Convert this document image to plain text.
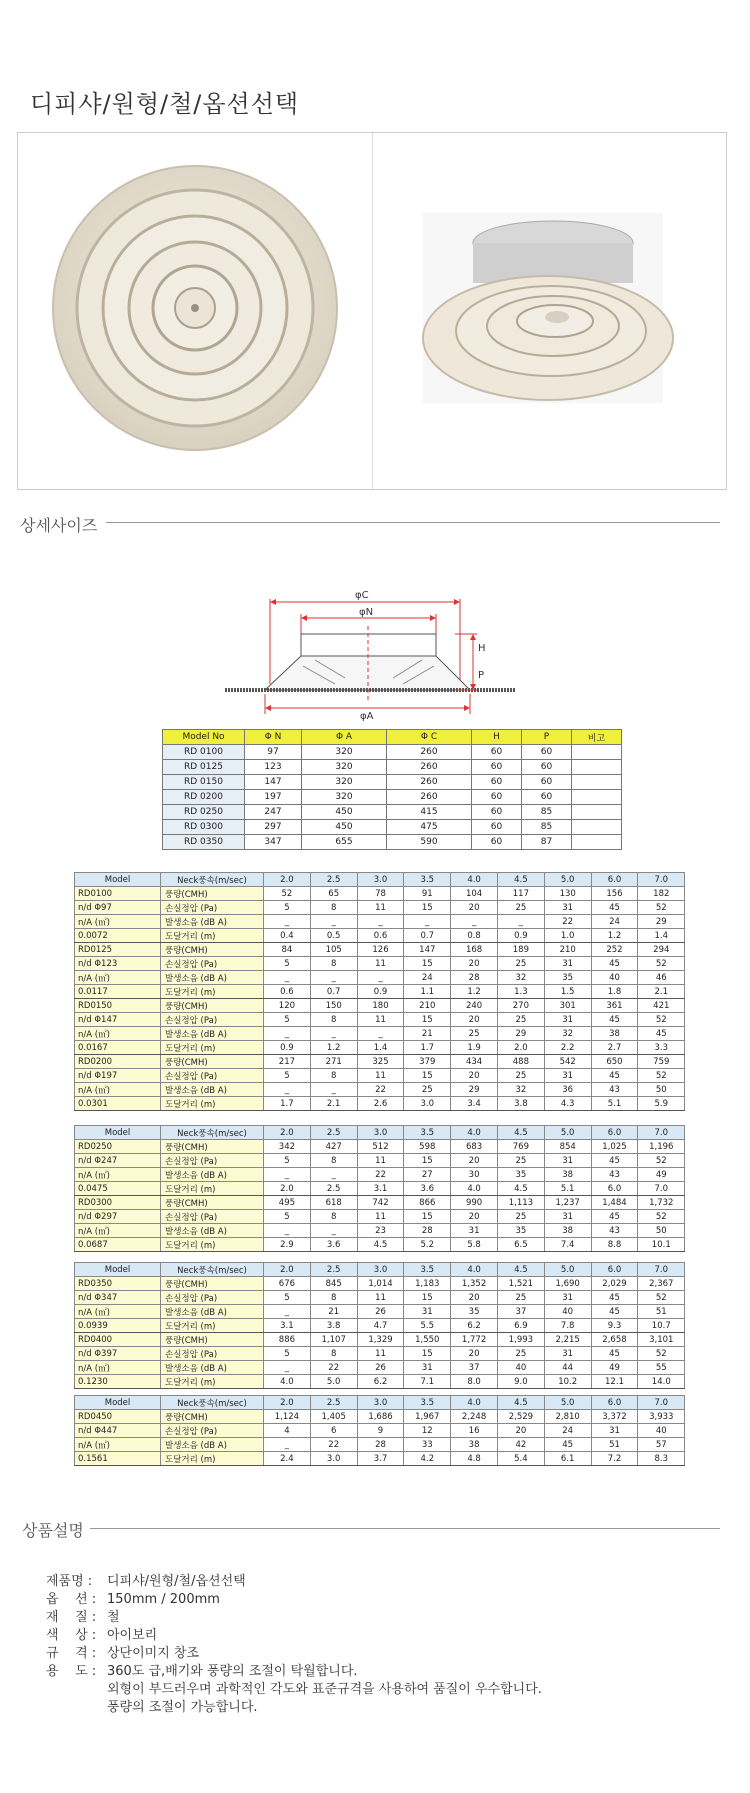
디피샤/원형/철/옵션선택
상세사이즈
φC
φN
H
P
φA
Model No	Φ N	Φ A	Φ C	H	P	비고
RD 0100	97	320	260	60	60	
RD 0125	123	320	260	60	60	
RD 0150	147	320	260	60	60	
RD 0200	197	320	260	60	60	
RD 0250	247	450	415	60	85	
RD 0300	297	450	475	60	85	
RD 0350	347	655	590	60	87	
Model	Neck풍속(m/sec)	2.0	2.5	3.0	3.5	4.0	4.5	5.0	6.0	7.0
RD0100	풍량(CMH)	52	65	78	91	104	117	130	156	182
n/d Φ97	손실정압 (Pa)	5	8	11	15	20	25	31	45	52
n/A (㎡)	발생소음 (dB A)	_	_	_	_	_	_	22	24	29
0.0072	도달거리 (m)	0.4	0.5	0.6	0.7	0.8	0.9	1.0	1.2	1.4
RD0125	풍량(CMH)	84	105	126	147	168	189	210	252	294
n/d Φ123	손실정압 (Pa)	5	8	11	15	20	25	31	45	52
n/A (㎡)	발생소음 (dB A)	_	_	_	24	28	32	35	40	46
0.0117	도달거리 (m)	0.6	0.7	0.9	1.1	1.2	1.3	1.5	1.8	2.1
RD0150	풍량(CMH)	120	150	180	210	240	270	301	361	421
n/d Φ147	손실정압 (Pa)	5	8	11	15	20	25	31	45	52
n/A (㎡)	발생소음 (dB A)	_	_	_	21	25	29	32	38	45
0.0167	도달거리 (m)	0.9	1.2	1.4	1.7	1.9	2.0	2.2	2.7	3.3
RD0200	풍량(CMH)	217	271	325	379	434	488	542	650	759
n/d Φ197	손실정압 (Pa)	5	8	11	15	20	25	31	45	52
n/A (㎡)	발생소음 (dB A)	_	_	22	25	29	32	36	43	50
0.0301	도달거리 (m)	1.7	2.1	2.6	3.0	3.4	3.8	4.3	5.1	5.9
Model	Neck풍속(m/sec)	2.0	2.5	3.0	3.5	4.0	4.5	5.0	6.0	7.0
RD0250	풍량(CMH)	342	427	512	598	683	769	854	1,025	1,196
n/d Φ247	손실정압 (Pa)	5	8	11	15	20	25	31	45	52
n/A (㎡)	발생소음 (dB A)	_	_	22	27	30	35	38	43	49
0.0475	도달거리 (m)	2.0	2.5	3.1	3.6	4.0	4.5	5.1	6.0	7.0
RD0300	풍량(CMH)	495	618	742	866	990	1,113	1,237	1,484	1,732
n/d Φ297	손실정압 (Pa)	5	8	11	15	20	25	31	45	52
n/A (㎡)	발생소음 (dB A)	_	_	23	28	31	35	38	43	50
0.0687	도달거리 (m)	2.9	3.6	4.5	5.2	5.8	6.5	7.4	8.8	10.1
Model	Neck풍속(m/sec)	2.0	2.5	3.0	3.5	4.0	4.5	5.0	6.0	7.0
RD0350	풍량(CMH)	676	845	1,014	1,183	1,352	1,521	1,690	2,029	2,367
n/d Φ347	손실정압 (Pa)	5	8	11	15	20	25	31	45	52
n/A (㎡)	발생소음 (dB A)	_	21	26	31	35	37	40	45	51
0.0939	도달거리 (m)	3.1	3.8	4.7	5.5	6.2	6.9	7.8	9.3	10.7
RD0400	풍량(CMH)	886	1,107	1,329	1,550	1,772	1,993	2,215	2,658	3,101
n/d Φ397	손실정압 (Pa)	5	8	11	15	20	25	31	45	52
n/A (㎡)	발생소음 (dB A)	_	22	26	31	37	40	44	49	55
0.1230	도달거리 (m)	4.0	5.0	6.2	7.1	8.0	9.0	10.2	12.1	14.0
Model	Neck풍속(m/sec)	2.0	2.5	3.0	3.5	4.0	4.5	5.0	6.0	7.0
RD0450	풍량(CMH)	1,124	1,405	1,686	1,967	2,248	2,529	2,810	3,372	3,933
n/d Φ447	손실정압 (Pa)	4	6	9	12	16	20	24	31	40
n/A (㎡)	발생소음 (dB A)	_	22	28	33	38	42	45	51	57
0.1561	도달거리 (m)	2.4	3.0	3.7	4.2	4.8	5.4	6.1	7.2	8.3
상품설명
제품명 :	디피샤/원형/철/옵션선택
옵    션 : 150mm / 200mm
재    질 : 철
색    상 : 아이보리
규    격 : 상단이미지 창조
용    도 : 360도 급,배기와 풍량의 조절이 탁월합니다.
외형이 부드러우며 과학적인 각도와 표준규격을 사용하여 품질이 우수합니다.
풍량의 조절이 가능합니다.
